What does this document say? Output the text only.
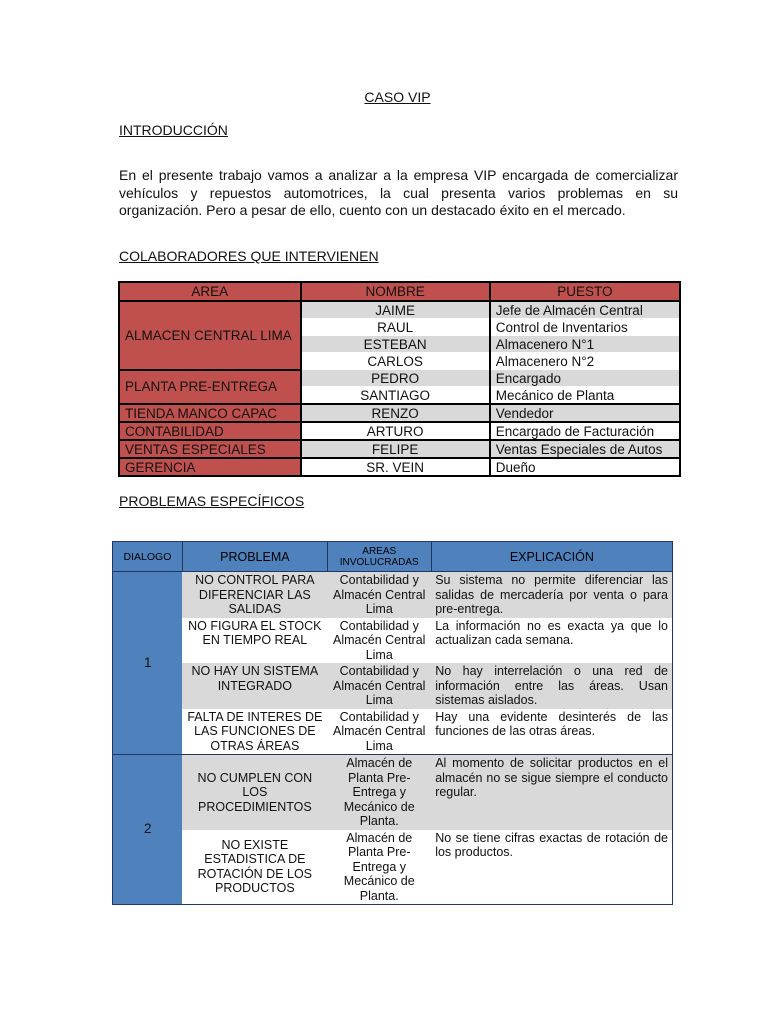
CASO VIP
INTRODUCCIÓN
En el presente trabajo vamos a analizar a la empresa VIP encargada de comercializar vehículos y repuestos automotrices, la cual presenta varios problemas en su organización. Pero a pesar de ello, cuento con un destacado éxito en el mercado.
COLABORADORES QUE INTERVIENEN
AREA	NOMBRE	PUESTO
ALMACEN CENTRAL LIMA	JAIME	Jefe de Almacén Central
	RAUL	Control de Inventarios
	ESTEBAN	Almacenero N°1
	CARLOS	Almacenero N°2
PLANTA PRE-ENTREGA	PEDRO	Encargado
	SANTIAGO	Mecánico de Planta
TIENDA MANCO CAPAC	RENZO	Vendedor
CONTABILIDAD	ARTURO	Encargado de Facturación
VENTAS ESPECIALES	FELIPE	Ventas Especiales de Autos
GERENCIA	SR. VEIN	Dueño
PROBLEMAS ESPECÍFICOS
DIALOGO	PROBLEMA	AREAS INVOLUCRADAS	EXPLICACIÓN
1	NO CONTROL PARA DIFERENCIAR LAS SALIDAS	Contabilidad y Almacén Central Lima	Su sistema no permite diferenciar las salidas de mercadería por venta o para pre-entrega.
	NO FIGURA EL STOCK EN TIEMPO REAL	Contabilidad y Almacén Central Lima	La información no es exacta ya que lo actualizan cada semana.
	NO HAY UN SISTEMA INTEGRADO	Contabilidad y Almacén Central Lima	No hay interrelación o una red de información entre las áreas. Usan sistemas aislados.
	FALTA DE INTERES DE LAS FUNCIONES DE OTRAS ÁREAS	Contabilidad y Almacén Central Lima	Hay una evidente desinterés de las funciones de las otras áreas.
2	NO CUMPLEN CON LOS PROCEDIMIENTOS	Almacén de Planta Pre-Entrega y Mecánico de Planta.	Al momento de solicitar productos en el almacén no se sigue siempre el conducto regular.
	NO EXISTE ESTADISTICA DE ROTACIÓN DE LOS PRODUCTOS	Almacén de Planta Pre-Entrega y Mecánico de Planta.	No se tiene cifras exactas de rotación de los productos.
